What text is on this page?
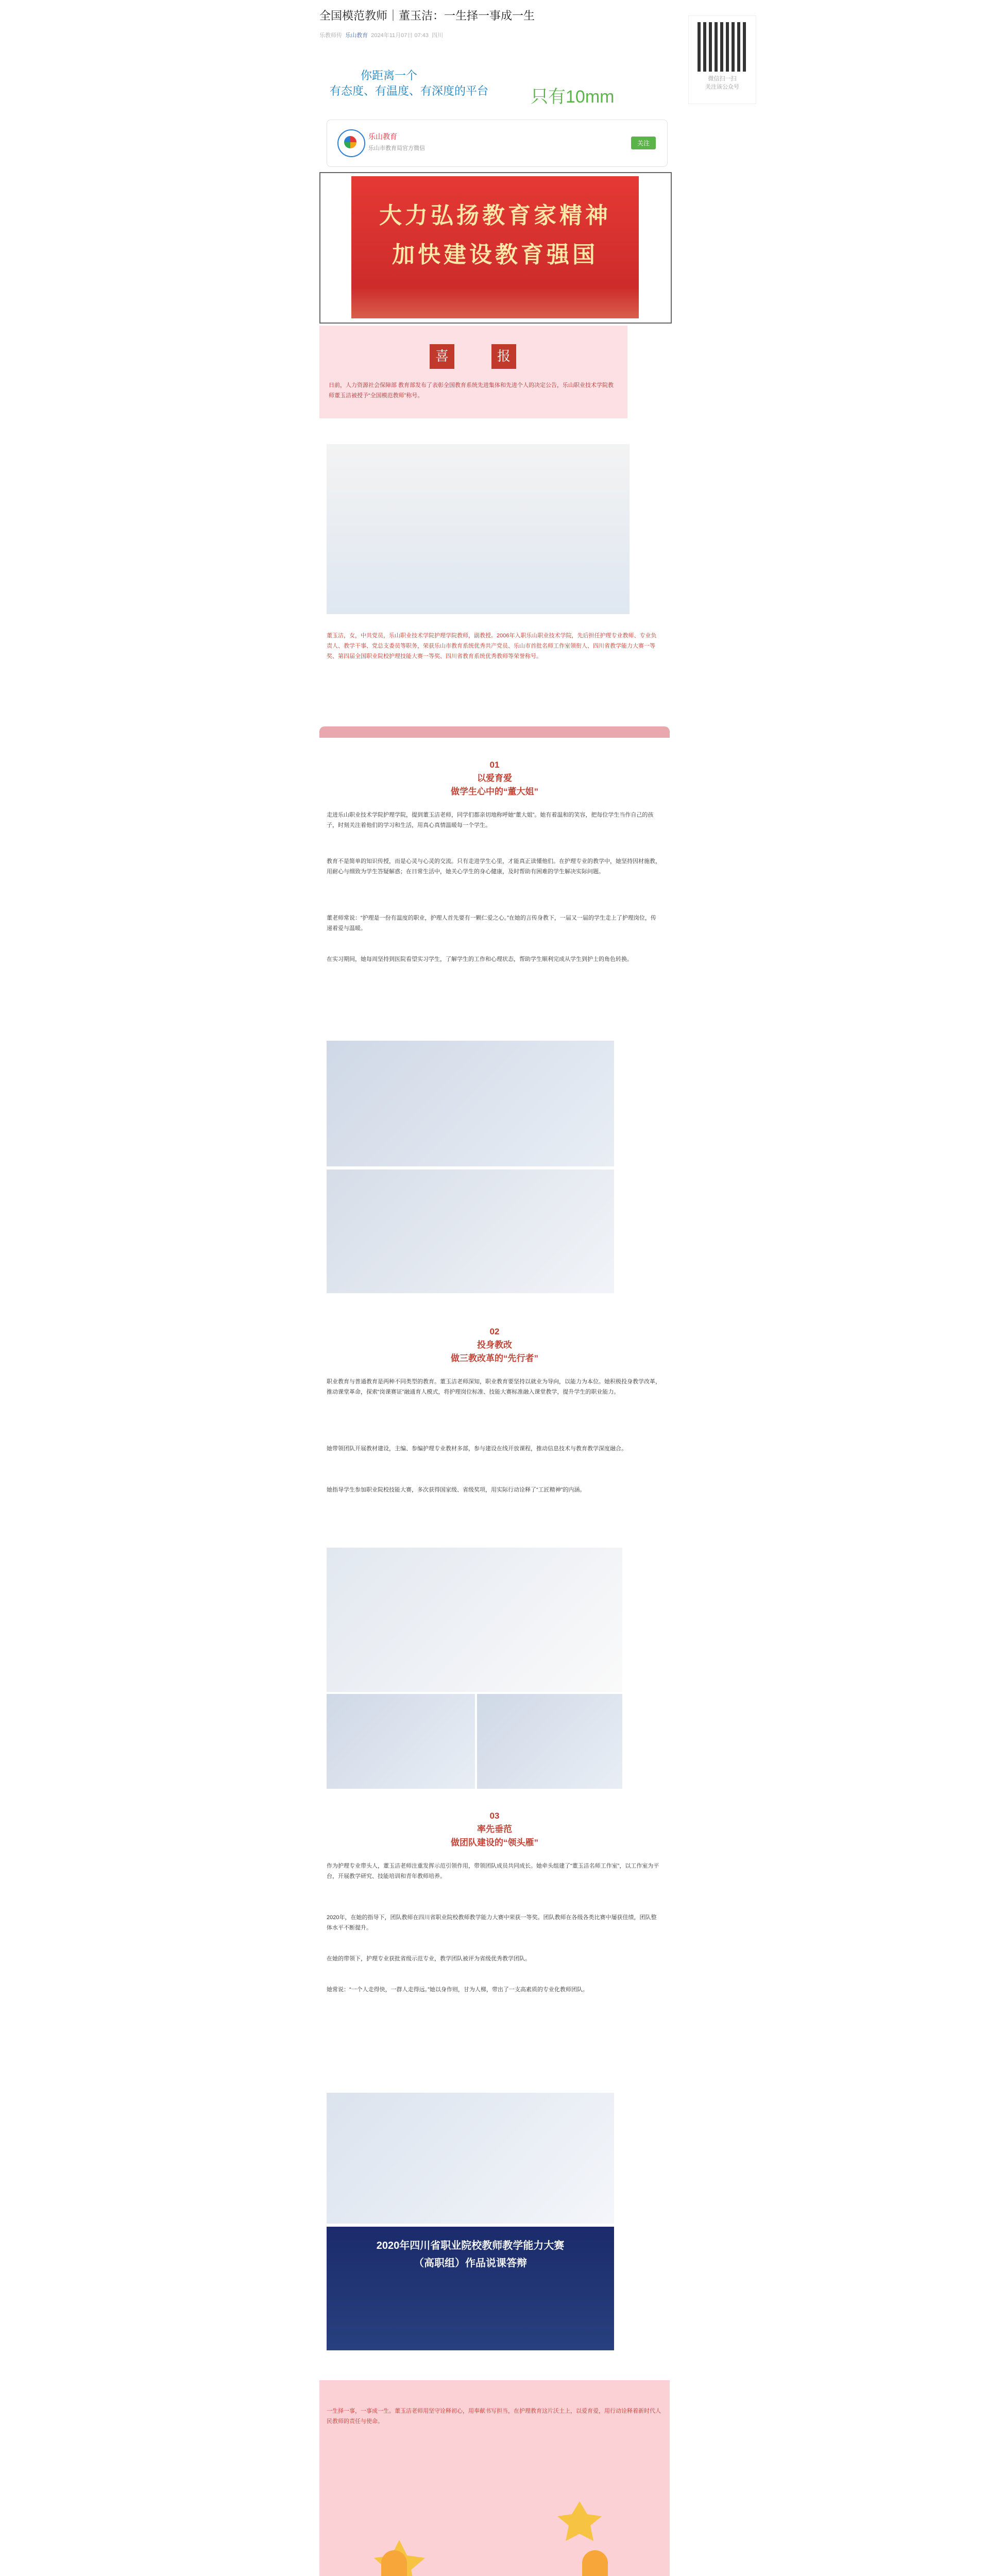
全国模范教师｜董玉洁：一生择一事成一生
乐教师传 乐山教育 2024年11月07日 07:43 四川
微信扫一扫
关注该公众号
你距离一个
有态度、有温度、有深度的平台 只有10mm
乐山教育
乐山市教育局官方微信
关注
大力弘扬教育家精神
加快建设教育强国
喜	报
日前，人力资源社会保障部 教育部发布了表彰全国教育系统先进集体和先进个人的决定公告，乐山职业技术学院教师董玉洁被授予“全国模范教师”称号。
董玉洁，女，中共党员，乐山职业技术学院护理学院教师，副教授。2006年入职乐山职业技术学院，先后担任护理专业教师、专业负责人、教学干事、党总支委员等职务，荣获乐山市教育系统优秀共产党员、乐山市首批名师工作室领衔人、四川省教学能力大赛一等奖、第四届全国职业院校护理技能大赛一等奖、四川省教育系统优秀教师等荣誉称号。
01
以爱育爱
做学生心中的“董大姐”
走进乐山职业技术学院护理学院，提到董玉洁老师，同学们都亲切地称呼她“董大姐”。她有着温和的笑容，把每位学生当作自己的孩子，时刻关注着他们的学习和生活，用真心真情温暖每一个学生。
教育不是简单的知识传授，而是心灵与心灵的交流。只有走进学生心里，才能真正读懂他们。在护理专业的教学中，她坚持因材施教，用耐心与细致为学生答疑解惑；在日常生活中，她关心学生的身心健康，及时帮助有困难的学生解决实际问题。
董老师常说：“护理是一份有温度的职业，护理人首先要有一颗仁爱之心。”在她的言传身教下，一届又一届的学生走上了护理岗位，传递着爱与温暖。
在实习期间，她每周坚持到医院看望实习学生，了解学生的工作和心理状态，帮助学生顺利完成从学生到护士的角色转换。
02
投身教改
做三教改革的“先行者”
职业教育与普通教育是两种不同类型的教育。董玉洁老师深知，职业教育要坚持以就业为导向，以能力为本位。她积极投身教学改革，推动课堂革命，探索“岗课赛证”融通育人模式，将护理岗位标准、技能大赛标准融入课堂教学，提升学生的职业能力。
她带领团队开展教材建设，主编、参编护理专业教材多部，参与建设在线开放课程，推动信息技术与教育教学深度融合。
她指导学生参加职业院校技能大赛，多次获得国家级、省级奖项，用实际行动诠释了“工匠精神”的内涵。
03
率先垂范
做团队建设的“领头雁”
作为护理专业带头人，董玉洁老师注重发挥示范引领作用，带领团队成员共同成长。她牵头组建了“董玉洁名师工作室”，以工作室为平台，开展教学研究、技能培训和青年教师培养。
2020年，在她的指导下，团队教师在四川省职业院校教师教学能力大赛中荣获一等奖。团队教师在各级各类比赛中屡获佳绩，团队整体水平不断提升。
在她的带领下，护理专业获批省级示范专业，教学团队被评为省级优秀教学团队。
她常说：“一个人走得快，一群人走得远。”她以身作则，甘为人梯，带出了一支高素质的专业化教师团队。
2020年四川省职业院校教师教学能力大赛
（高职组）作品说课答辩
一生择一事，一事成一生。董玉洁老师用坚守诠释初心，用奉献书写担当，在护理教育这片沃土上，以爱育爱，用行动诠释着新时代人民教师的责任与使命。
